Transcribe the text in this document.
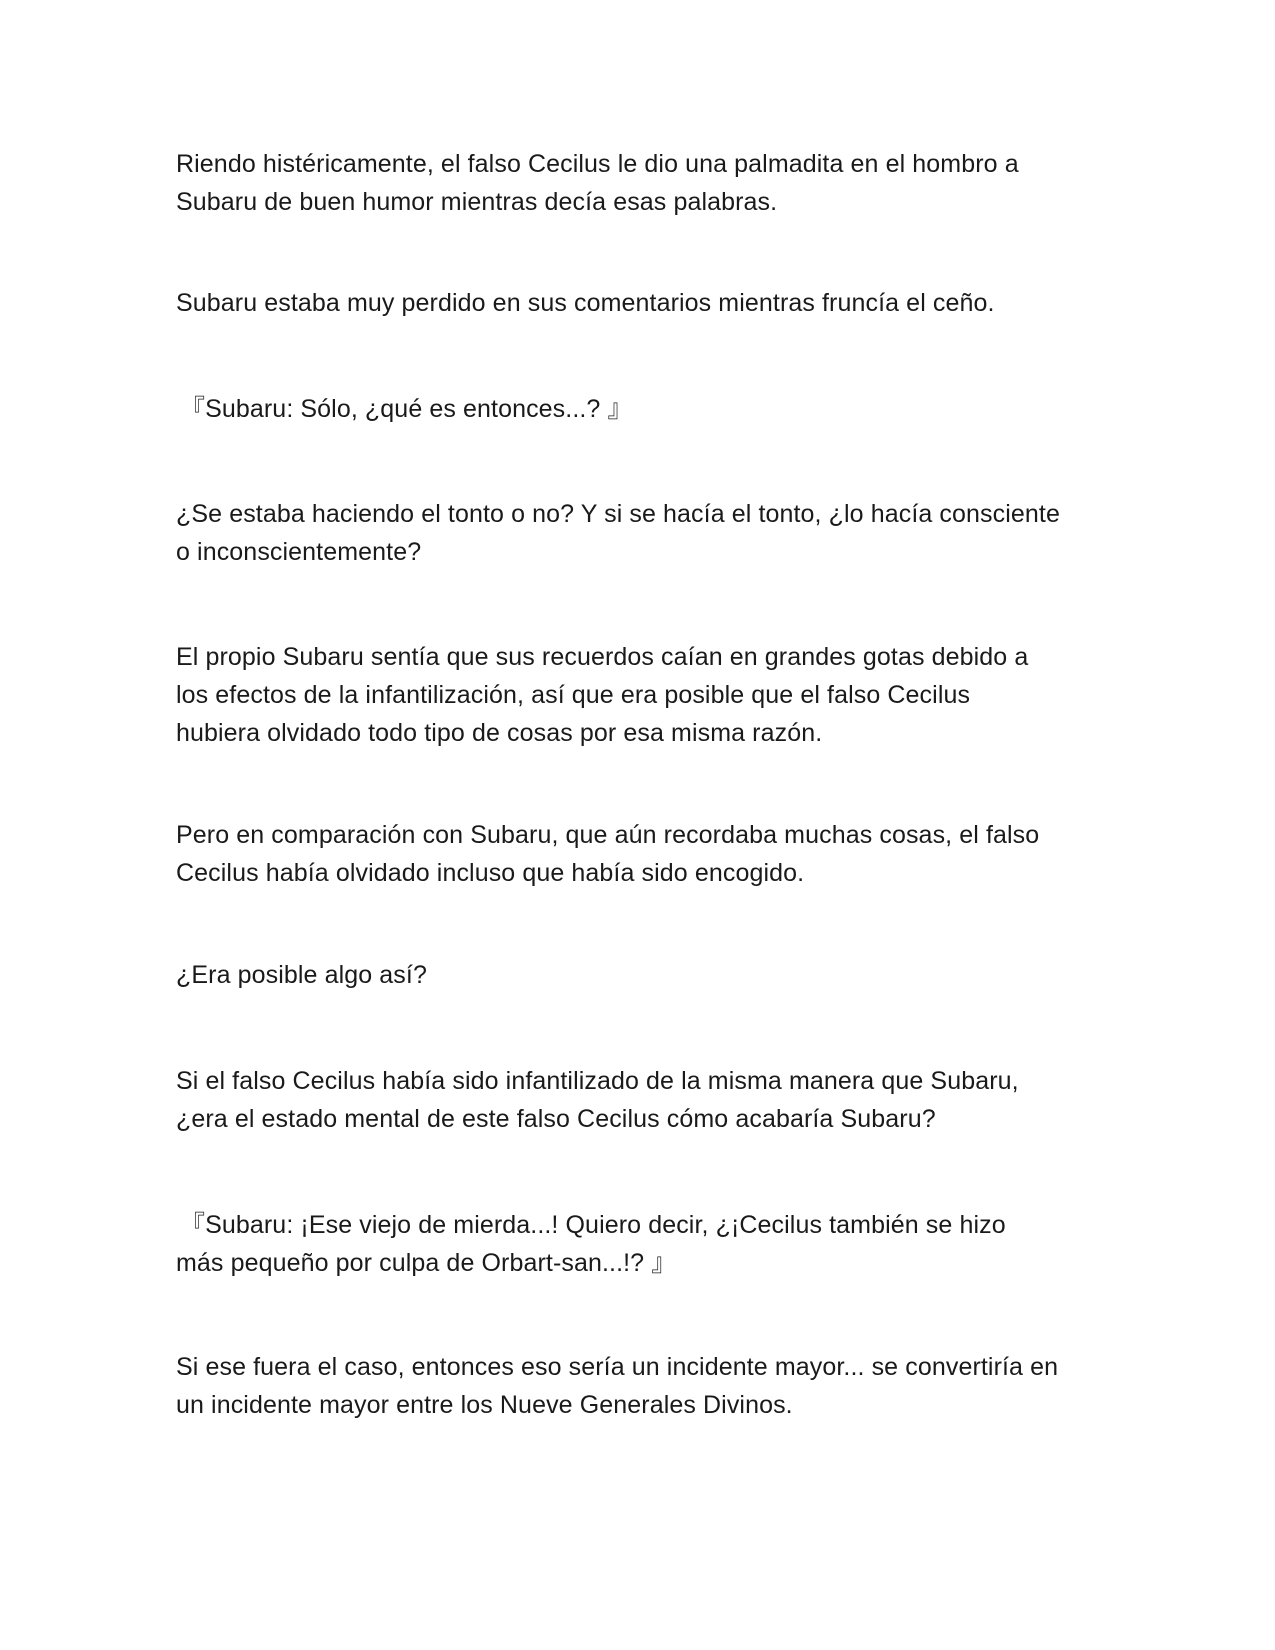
Riendo histéricamente, el falso Cecilus le dio una palmadita en el hombro a
Subaru de buen humor mientras decía esas palabras.

Subaru estaba muy perdido en sus comentarios mientras fruncía el ceño.

『Subaru: Sólo, ¿qué es entonces...? 』

¿Se estaba haciendo el tonto o no? Y si se hacía el tonto, ¿lo hacía consciente
o inconscientemente?

El propio Subaru sentía que sus recuerdos caían en grandes gotas debido a
los efectos de la infantilización, así que era posible que el falso Cecilus
hubiera olvidado todo tipo de cosas por esa misma razón.

Pero en comparación con Subaru, que aún recordaba muchas cosas, el falso
Cecilus había olvidado incluso que había sido encogido.

¿Era posible algo así?

Si el falso Cecilus había sido infantilizado de la misma manera que Subaru,
¿era el estado mental de este falso Cecilus cómo acabaría Subaru?

『Subaru: ¡Ese viejo de mierda...! Quiero decir, ¿¡Cecilus también se hizo
más pequeño por culpa de Orbart-san...!? 』

Si ese fuera el caso, entonces eso sería un incidente mayor... se convertiría en
un incidente mayor entre los Nueve Generales Divinos.
